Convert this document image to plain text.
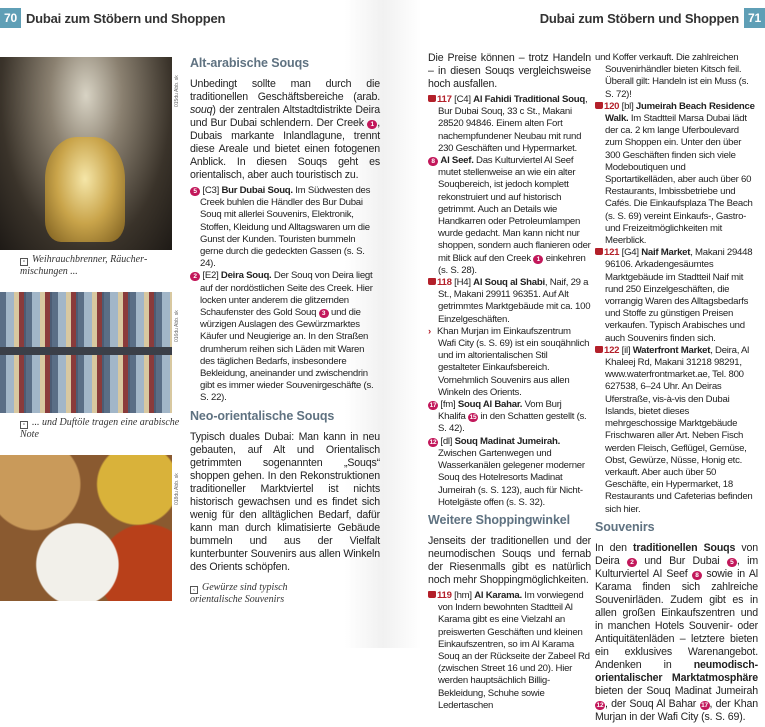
70 Dubai zum Stöbern und Shoppen
015du Abb. sk
▫ Weihrauchbrenner, Räuchermischungen ...
016du Abb. sk
▫ ... und Duftöle tragen eine arabische Note
018du Abb. sk
‹ Gewürze sind typisch orientalische Souvenirs
Alt-arabische Souqs
Unbedingt sollte man durch die traditionellen Geschäftsbereiche (arab. souq) der zentralen Altstadtdistrikte Deira und Bur Dubai schlendern. Der Creek 1 , Dubais markante Inlandlagune, trennt diese Areale und bietet einen fotogenen Anblick. In diesen Souqs geht es orientalisch, aber auch touristisch zu.
5 [C3] Bur Dubai Souq. Im Südwesten des Creek buhlen die Händler des Bur Dubai Souq mit allerlei Souvenirs, Elektronik, Stoffen, Kleidung und Alltagswaren um die Gunst der Kunden. Touristen bummeln gerne durch die gedeckten Gassen (s. S. 24).
2 [E2] Deira Souq. Der Souq von Deira liegt auf der nordöstlichen Seite des Creek. Hier locken unter anderem die glitzernden Schaufenster des Gold Souq 3 und die würzigen Auslagen des Gewürzmarktes Käufer und Neugierige an. In den Straßen drumherum reihen sich Läden mit Waren des täglichen Bedarfs, insbesondere Bekleidung, aneinander und zwischendrin gibt es immer wieder Souvenirgeschäfte (s. S. 22).
Neo-orientalische Souqs
Typisch duales Dubai: Man kann in neu gebauten, auf Alt und Orientalisch getrimmten sogenannten „Souqs“ shoppen gehen. In den Rekonstruktionen traditioneller Marktviertel ist nichts historisch gewachsen und es findet sich wenig für den alltäglichen Bedarf, dafür kann man durch klimatisierte Gebäude bummeln und aus der Vielfalt kunterbunter Souvenirs aus allen Winkeln des Orients schöpfen.
Dubai zum Stöbern und Shoppen 71
Die Preise können – trotz Handeln – in diesen Souqs vergleichsweise hoch ausfallen.
117 [C4] Al Fahidi Traditional Souq, Bur Dubai Souq, 33 c St., Makani 28520 94846. Einem alten Fort nachempfundener Neubau mit rund 230 Geschäften und Hypermarket.
8 Al Seef. Das Kulturviertel Al Seef mutet stellenweise an wie ein alter Souqbereich, ist jedoch komplett rekonstruiert und auf historisch getrimmt. Auch an Details wie Handkarren oder Petroleumlampen wurde gedacht. Man kann nicht nur shoppen, sondern auch flanieren oder mit Blick auf den Creek 1 einkehren (s. S. 28).
118 [H4] Al Souq al Shabi, Naif, 29 a St., Makani 29911 96351. Auf Alt getrimmtes Marktgebäude mit ca. 100 Einzelgeschäften.
› Khan Murjan im Einkaufszentrum Wafi City (s. S. 69) ist ein souqähnlich und im altorientalischen Stil gestalteter Einkaufsbereich. Vornehmlich Souvenirs aus allen Winkeln des Orients.
17 [fm] Souq Al Bahar. Vom Burj Khalifa 15 in den Schatten gestellt (s. S. 42).
12 [dl] Souq Madinat Jumeirah. Zwischen Gartenwegen und Wasserkanälen gelegener moderner Souq des Hotelresorts Madinat Jumeirah (s. S. 123), auch für Nicht-Hotelgäste offen (s. S. 32).
Weitere Shoppingwinkel
Jenseits der traditionellen und der neumodischen Souqs und fernab der Riesenmalls gibt es natürlich noch mehr Shoppingmöglichkeiten.
119 [hm] Al Karama. Im vorwiegend von Indern bewohnten Stadtteil Al Karama gibt es eine Vielzahl an preiswerten Geschäften und kleinen Einkaufszentren, so im Al Karama Souq an der Rückseite der Zabeel Rd (zwischen Street 16 und 20). Hier werden hauptsächlich Billig-Bekleidung, Schuhe sowie Ledertaschen
und Koffer verkauft. Die zahlreichen Souvenirhändler bieten Kitsch feil. Überall gilt: Handeln ist ein Muss (s. S. 72)!
120 [bl] Jumeirah Beach Residence Walk. Im Stadtteil Marsa Dubai lädt der ca. 2 km lange Uferboulevard zum Shoppen ein. Unter den über 300 Geschäften finden sich viele Modeboutiquen und Sportartikelläden, aber auch über 60 Restaurants, Imbissbetriebe und Cafés. Die Einkaufsplaza The Beach (s. S. 69) vereint Einkaufs-, Gastro- und Freizeitmöglichkeiten mit Meerblick.
121 [G4] Naif Market, Makani 29448 96106. Arkadengesäumtes Marktgebäude im Stadtteil Naif mit rund 250 Einzelgeschäften, die vorrangig Waren des Alltagsbedarfs und Stoffe zu günstigen Preisen verkaufen. Typisch Arabisches und auch Souvenirs finden sich.
122 [il] Waterfront Market, Deira, Al Khaleej Rd, Makani 31218 98291, www.waterfrontmarket.ae, Tel. 800 627538, 6–24 Uhr. An Deiras Uferstraße, vis-à-vis den Dubai Islands, bietet dieses mehrgeschossige Marktgebäude Frischwaren aller Art. Neben Fisch werden Fleisch, Geflügel, Gemüse, Obst, Gewürze, Nüsse, Honig etc. verkauft. Aber auch über 50 Geschäfte, ein Hypermarket, 18 Restaurants und Cafeterias befinden sich hier.
Souvenirs
In den traditionellen Souqs von Deira 2 und Bur Dubai 5 , im Kulturviertel Al Seef 8 sowie in Al Karama finden sich zahlreiche Souvenirläden. Zudem gibt es in allen großen Einkaufszentren und in manchen Hotels Souvenir- oder Antiquitätenläden – letztere bieten ein exklusives Warenangebot. Andenken in neumodisch-orientalischer Marktatmosphäre bieten der Souq Madinat Jumeirah 12 , der Souq Al Bahar 17 , der Khan Murjan in der Wafi City (s. S. 69).
